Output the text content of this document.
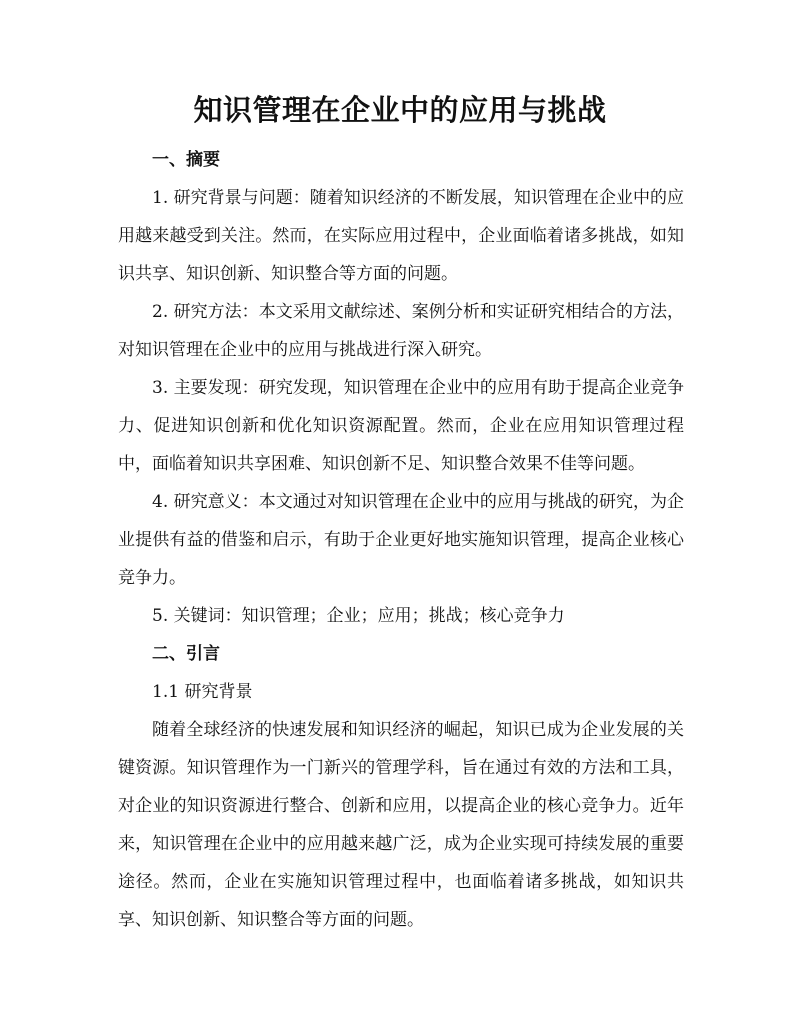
知识管理在企业中的应用与挑战
一、摘要

1. 研究背景与问题：随着知识经济的不断发展，知识管理在企业中的应用越来越受到关注。然而，在实际应用过程中，企业面临着诸多挑战，如知识共享、知识创新、知识整合等方面的问题。

2. 研究方法：本文采用文献综述、案例分析和实证研究相结合的方法，对知识管理在企业中的应用与挑战进行深入研究。

3. 主要发现：研究发现，知识管理在企业中的应用有助于提高企业竞争力、促进知识创新和优化知识资源配置。然而，企业在应用知识管理过程中，面临着知识共享困难、知识创新不足、知识整合效果不佳等问题。

4. 研究意义：本文通过对知识管理在企业中的应用与挑战的研究，为企业提供有益的借鉴和启示，有助于企业更好地实施知识管理，提高企业核心竞争力。

5. 关键词：知识管理；企业；应用；挑战；核心竞争力

二、引言

1.1 研究背景

随着全球经济的快速发展和知识经济的崛起，知识已成为企业发展的关键资源。知识管理作为一门新兴的管理学科，旨在通过有效的方法和工具，对企业的知识资源进行整合、创新和应用，以提高企业的核心竞争力。近年来，知识管理在企业中的应用越来越广泛，成为企业实现可持续发展的重要途径。然而，企业在实施知识管理过程中，也面临着诸多挑战，如知识共享、知识创新、知识整合等方面的问题。
